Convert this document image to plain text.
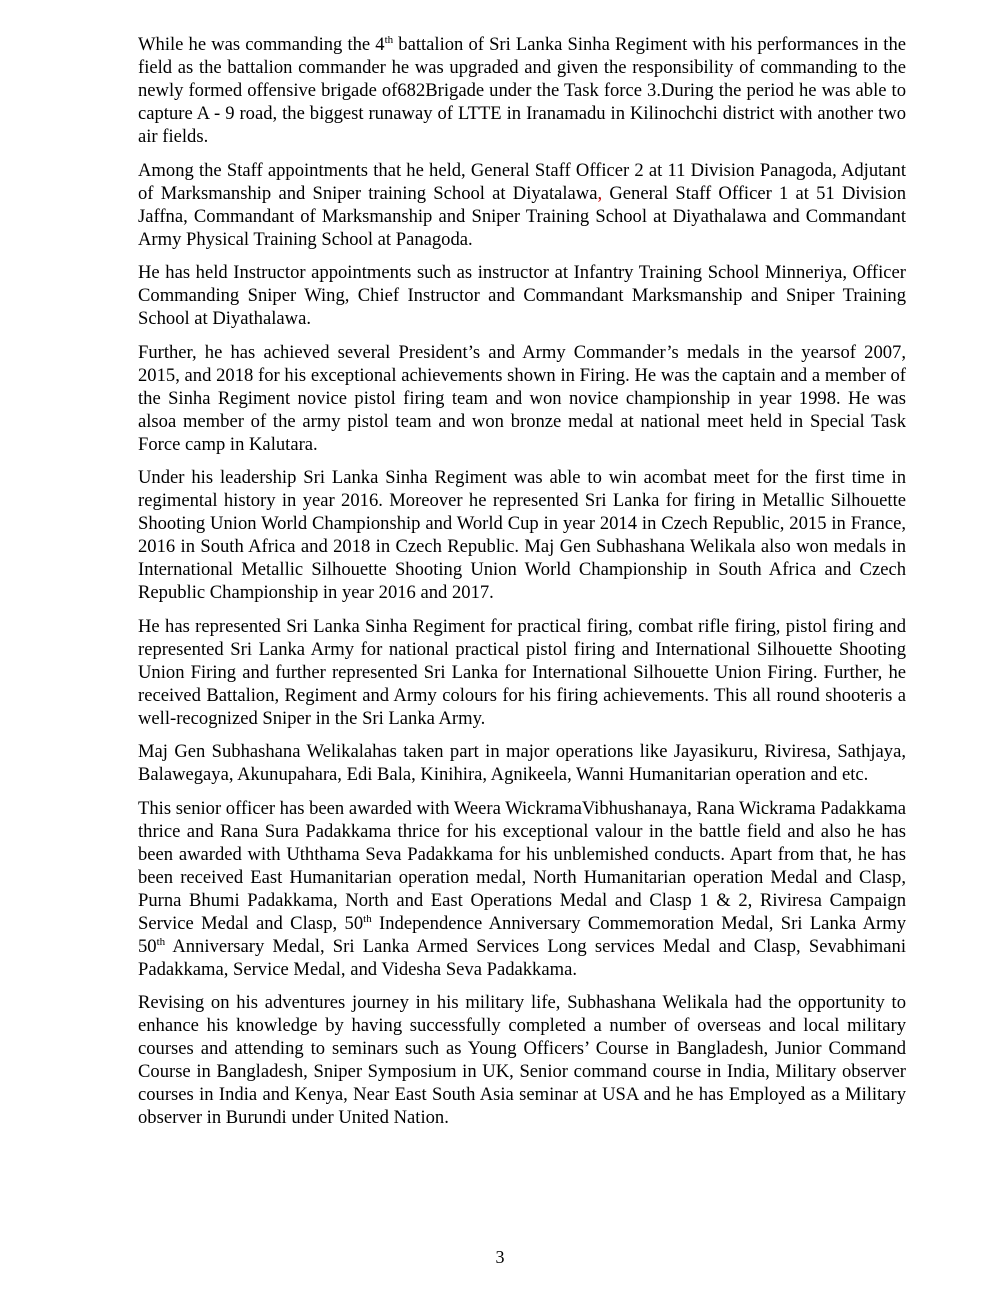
While he was commanding the 4th battalion of Sri Lanka Sinha Regiment with his performances in the field as the battalion commander he was upgraded and given the responsibility of commanding to the newly formed offensive brigade of682Brigade under the Task force 3.During the period he was able to capture A - 9 road, the biggest runaway of LTTE in Iranamadu in Kilinochchi district with another two air fields.

Among the Staff appointments that he held, General Staff Officer 2 at 11 Division Panagoda, Adjutant of Marksmanship and Sniper training School at Diyatalawa, General Staff Officer 1 at 51 Division Jaffna, Commandant of Marksmanship and Sniper Training School at Diyathalawa and Commandant Army Physical Training School at Panagoda.

He has held Instructor appointments such as instructor at Infantry Training School Minneriya, Officer Commanding Sniper Wing, Chief Instructor and Commandant Marksmanship and Sniper Training School at Diyathalawa.

Further, he has achieved several President’s and Army Commander’s medals in the yearsof 2007, 2015, and 2018 for his exceptional achievements shown in Firing. He was the captain and a member of the Sinha Regiment novice pistol firing team and won novice championship in year 1998. He was alsoa member of the army pistol team and won bronze medal at national meet held in Special Task Force camp in Kalutara.

Under his leadership Sri Lanka Sinha Regiment was able to win acombat meet for the first time in regimental history in year 2016. Moreover he represented Sri Lanka for firing in Metallic Silhouette Shooting Union World Championship and World Cup in year 2014 in Czech Republic, 2015 in France, 2016 in South Africa and 2018 in Czech Republic. Maj Gen Subhashana Welikala also won medals in International Metallic Silhouette Shooting Union World Championship in South Africa and Czech Republic Championship in year 2016 and 2017.

He has represented Sri Lanka Sinha Regiment for practical firing, combat rifle firing, pistol firing and represented Sri Lanka Army for national practical pistol firing and International Silhouette Shooting Union Firing and further represented Sri Lanka for International Silhouette Union Firing. Further, he received Battalion, Regiment and Army colours for his firing achievements. This all round shooteris a well-recognized Sniper in the Sri Lanka Army.

Maj Gen Subhashana Welikalahas taken part in major operations like Jayasikuru, Riviresa, Sathjaya, Balawegaya, Akunupahara, Edi Bala, Kinihira, Agnikeela, Wanni Humanitarian operation and etc.

This senior officer has been awarded with Weera WickramaVibhushanaya, Rana Wickrama Padakkama thrice and Rana Sura Padakkama thrice for his exceptional valour in the battle field and also he has been awarded with Uththama Seva Padakkama for his unblemished conducts. Apart from that, he has been received East Humanitarian operation medal, North Humanitarian operation Medal and Clasp, Purna Bhumi Padakkama, North and East Operations Medal and Clasp 1 & 2, Riviresa Campaign Service Medal and Clasp, 50th Independence Anniversary Commemoration Medal, Sri Lanka Army 50th Anniversary Medal, Sri Lanka Armed Services Long services Medal and Clasp, Sevabhimani Padakkama, Service Medal, and Videsha Seva Padakkama.

Revising on his adventures journey in his military life, Subhashana Welikala had the opportunity to enhance his knowledge by having successfully completed a number of overseas and local military courses and attending to seminars such as Young Officers’ Course in Bangladesh, Junior Command Course in Bangladesh, Sniper Symposium in UK, Senior command course in India, Military observer courses in India and Kenya, Near East South Asia seminar at USA and he has Employed as a Military observer in Burundi under United Nation.

3
